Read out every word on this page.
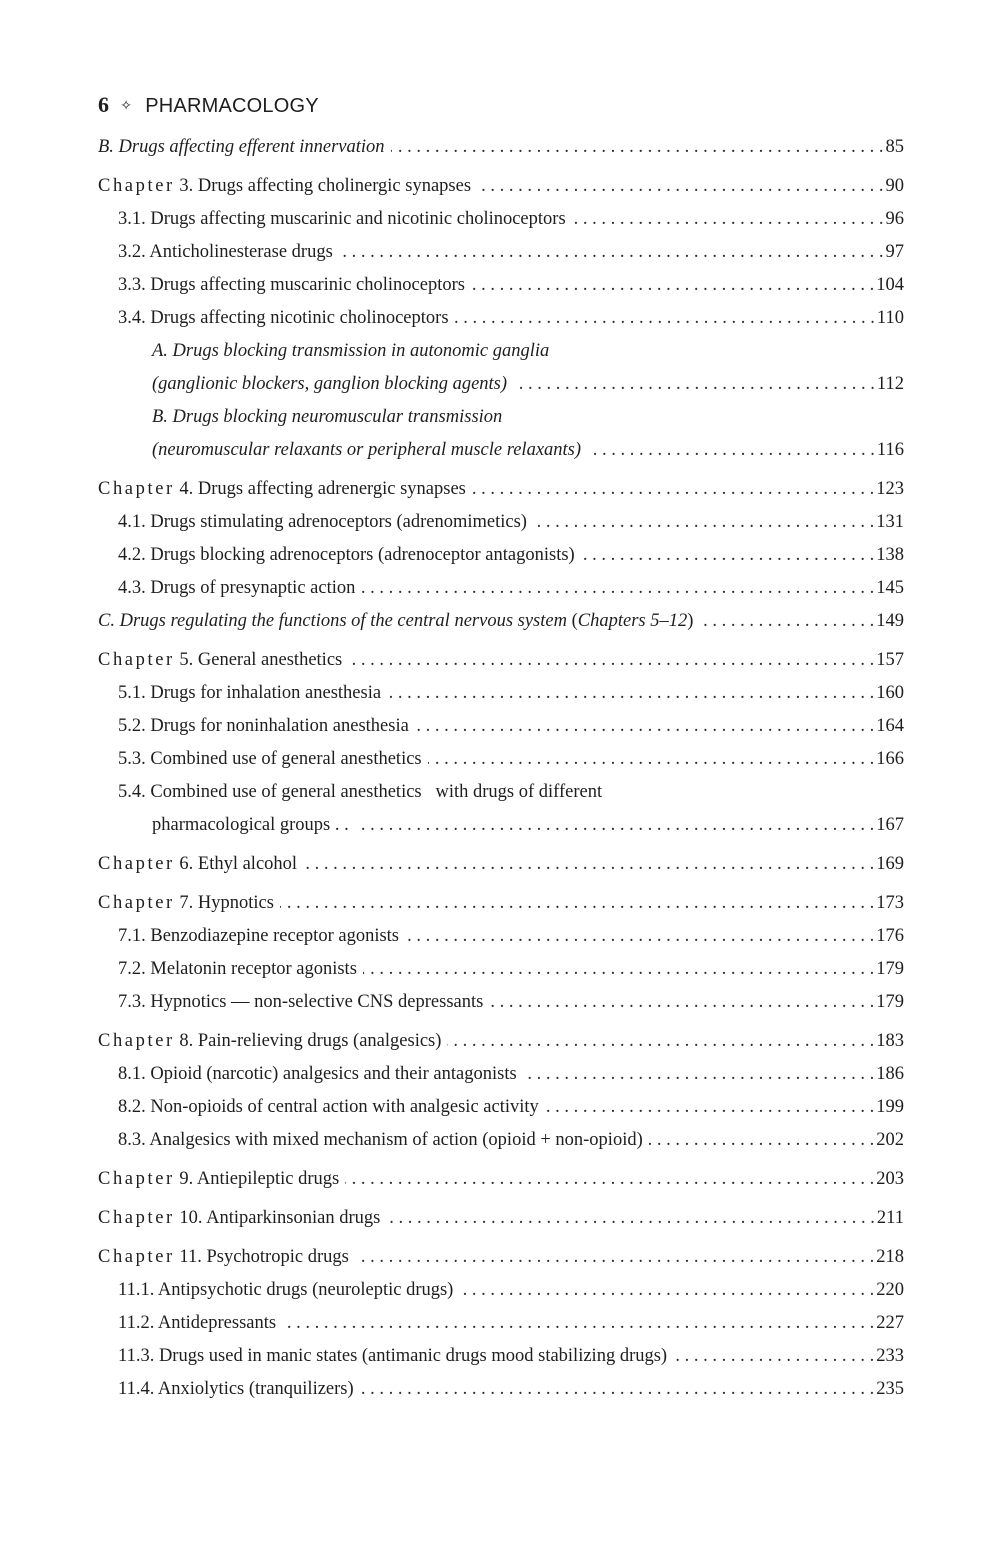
6 ✧ PHARMACOLOGY
B. Drugs affecting efferent innervation . . .	85
Chapter 3. Drugs affecting cholinergic synapses . . .	90
3.1. Drugs affecting muscarinic and nicotinic cholinoceptors . . .	96
3.2. Anticholinesterase drugs . . .	97
3.3. Drugs affecting muscarinic cholinoceptors . . .	104
3.4. Drugs affecting nicotinic cholinoceptors . . .	110
A. Drugs blocking transmission in autonomic ganglia
(ganglionic blockers, ganglion blocking agents) . . .	112
B. Drugs blocking neuromuscular transmission
(neuromuscular relaxants or peripheral muscle relaxants) . . .	116
Chapter 4. Drugs affecting adrenergic synapses . . .	123
4.1. Drugs stimulating adrenoceptors (adrenomimetics) . . .	131
4.2. Drugs blocking adrenoceptors (adrenoceptor antagonists) . . .	138
4.3. Drugs of presynaptic action . . .	145
C. Drugs regulating the functions of the central nervous system (Chapters 5–12) . . .	149
Chapter 5. General anesthetics . . .	157
5.1. Drugs for inhalation anesthesia . . .	160
5.2. Drugs for noninhalation anesthesia . . .	164
5.3. Combined use of general anesthetics . . .	166
5.4. Combined use of general anesthetics   with drugs of different
pharmacological groups . . . . .	167
Chapter 6. Ethyl alcohol . . .	169
Chapter 7. Hypnotics . . .	173
7.1. Benzodiazepine receptor agonists . . .	176
7.2. Melatonin receptor agonists . . .	179
7.3. Hypnotics — non-selective CNS depressants . . .	179
Chapter 8. Pain-relieving drugs (analgesics) . . .	183
8.1. Opioid (narcotic) analgesics and their antagonists . . .	186
8.2. Non-opioids of central action with analgesic activity . . .	199
8.3. Analgesics with mixed mechanism of action (opioid + non-opioid) . . .	202
Chapter 9. Antiepileptic drugs . . .	203
Chapter 10. Antiparkinsonian drugs . . .	211
Chapter 11. Psychotropic drugs . . .	218
11.1. Antipsychotic drugs (neuroleptic drugs) . . .	220
11.2. Antidepressants . . .	227
11.3. Drugs used in manic states (antimanic drugs mood stabilizing drugs) . . .	233
11.4. Anxiolytics (tranquilizers) . . .	235
